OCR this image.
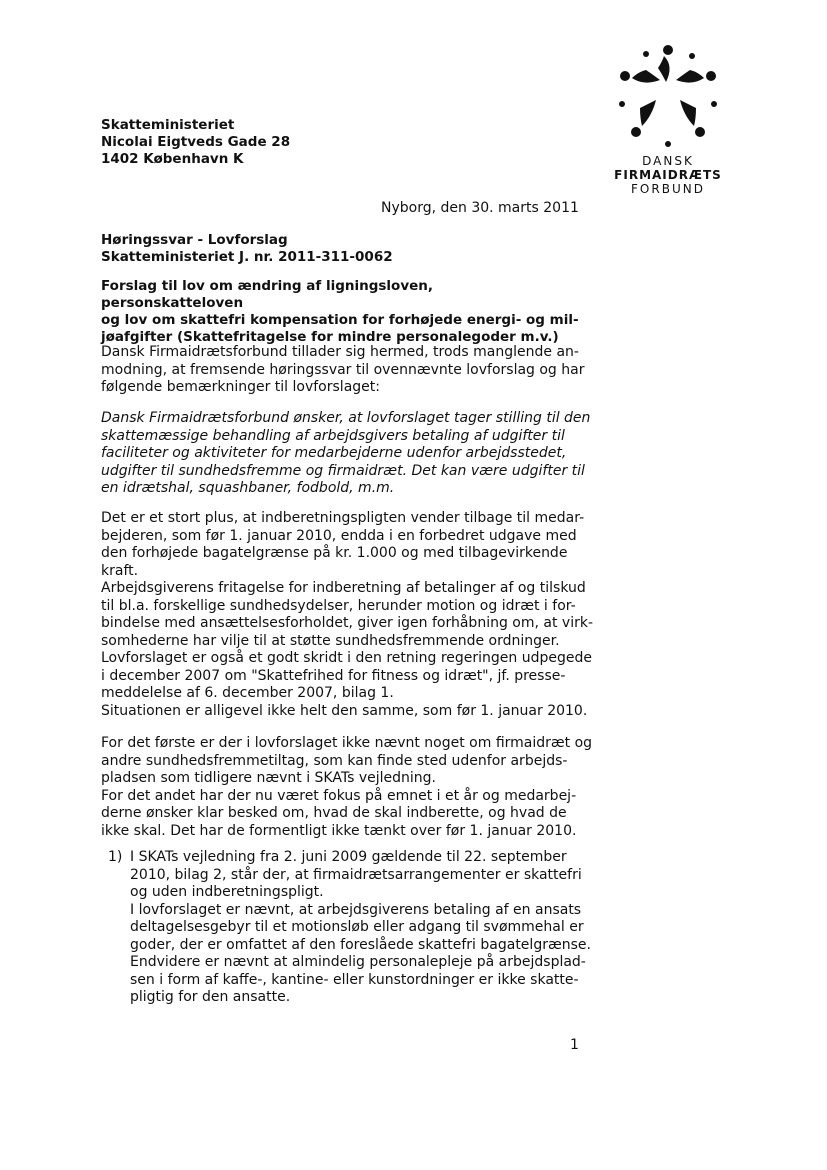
DANSK
FIRMAIDRÆTS
FORBUND
Skatteministeriet
Nicolai Eigtveds Gade 28
1402 København K
Nyborg, den 30. marts 2011
Høringssvar - Lovforslag
Skatteministeriet J. nr. 2011-311-0062
Forslag til lov om ændring af ligningsloven, personskatteloven
og lov om skattefri kompensation for forhøjede energi- og mil-
jøafgifter (Skattefritagelse for mindre personalegoder m.v.)
Dansk Firmaidrætsforbund tillader sig hermed, trods manglende an-
modning, at fremsende høringssvar til ovennævnte lovforslag og har
følgende bemærkninger til lovforslaget:
Dansk Firmaidrætsforbund ønsker, at lovforslaget tager stilling til den
skattemæssige behandling af arbejdsgivers betaling af udgifter til
faciliteter og aktiviteter for medarbejderne udenfor arbejdsstedet,
udgifter til sundhedsfremme og firmaidræt. Det kan være udgifter til
en idrætshal, squashbaner, fodbold, m.m.
Det er et stort plus, at indberetningspligten vender tilbage til medar-
bejderen, som før 1. januar 2010, endda i en forbedret udgave med
den forhøjede bagatelgrænse på kr. 1.000 og med tilbagevirkende
kraft.
Arbejdsgiverens fritagelse for indberetning af betalinger af og tilskud
til bl.a. forskellige sundhedsydelser, herunder motion og idræt i for-
bindelse med ansættelsesforholdet, giver igen forhåbning om, at virk-
somhederne har vilje til at støtte sundhedsfremmende ordninger.
Lovforslaget er også et godt skridt i den retning regeringen udpegede
i december 2007 om "Skattefrihed for fitness og idræt", jf. presse-
meddelelse af 6. december 2007, bilag 1.
Situationen er alligevel ikke helt den samme, som før 1. januar 2010.
For det første er der i lovforslaget ikke nævnt noget om firmaidræt og
andre sundhedsfremmetiltag, som kan finde sted udenfor arbejds-
pladsen som tidligere nævnt i SKATs vejledning.
For det andet har der nu været fokus på emnet i et år og medarbej-
derne ønsker klar besked om, hvad de skal indberette, og hvad de
ikke skal. Det har de formentligt ikke tænkt over før 1. januar 2010.
1) I SKATs vejledning fra 2. juni 2009 gældende til 22. september
2010, bilag 2, står der, at firmaidrætsarrangementer er skattefri
og uden indberetningspligt.
I lovforslaget er nævnt, at arbejdsgiverens betaling af en ansats
deltagelsesgebyr til et motionsløb eller adgang til svømmehal er
goder, der er omfattet af den foreslåede skattefri bagatelgrænse.
Endvidere er nævnt at almindelig personalepleje på arbejdsplad-
sen i form af kaffe-, kantine- eller kunstordninger er ikke skatte-
pligtig for den ansatte.
1
